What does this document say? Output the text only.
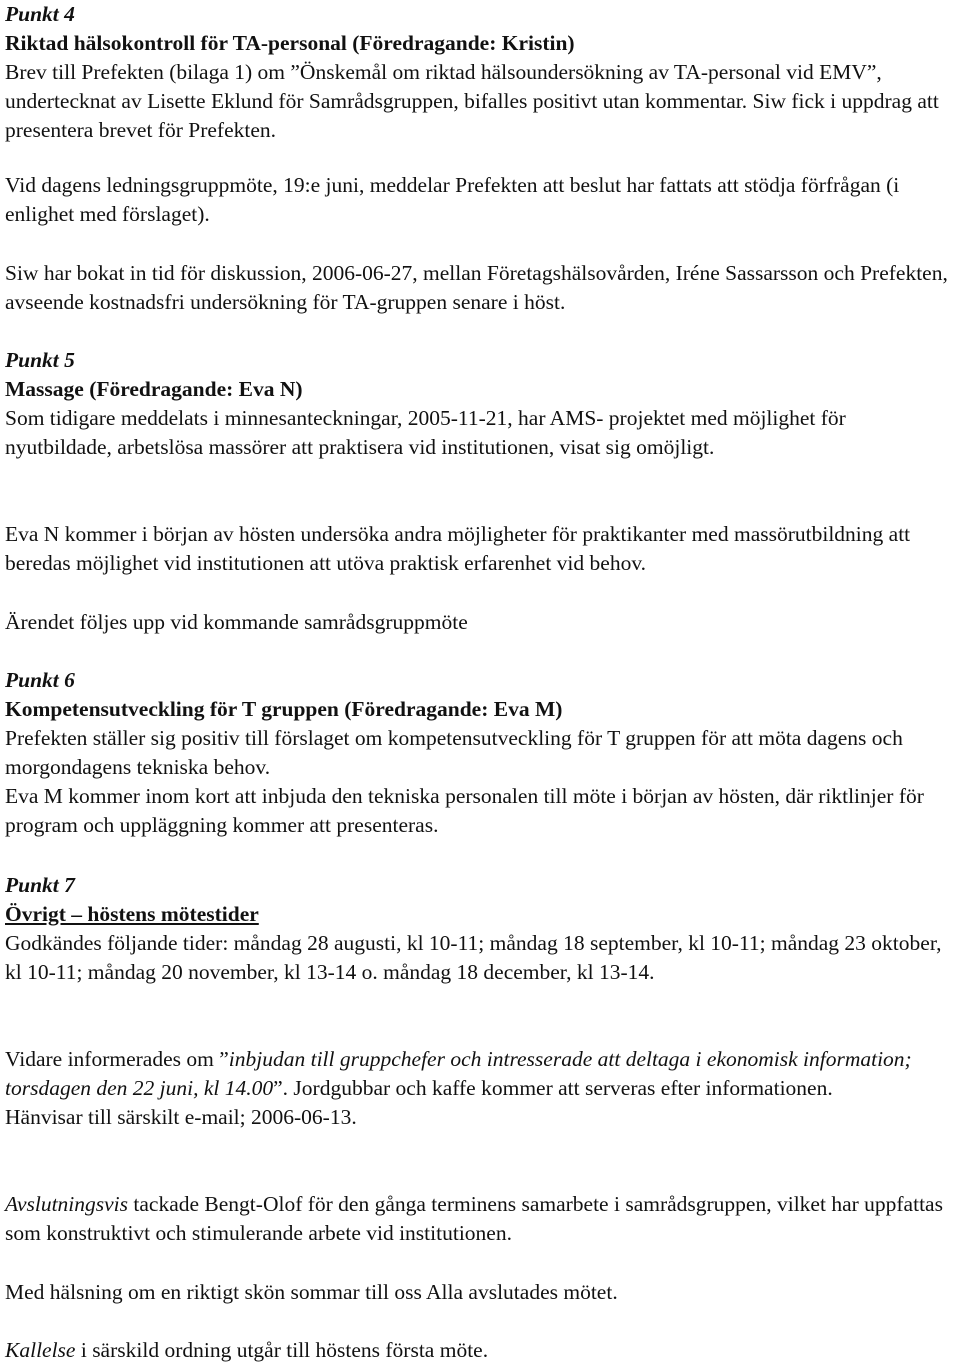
Punkt 4

Riktad hälsokontroll för TA-personal (Föredragande: Kristin)

Brev till Prefekten (bilaga 1) om ”Önskemål om riktad hälsoundersökning av TA-personal vid EMV”, undertecknat av Lisette Eklund för Samrådsgruppen, bifalles positivt utan kommentar. Siw fick i uppdrag att presentera brevet för Prefekten.

Vid dagens ledningsgruppmöte, 19:e juni, meddelar Prefekten att beslut har fattats att stödja förfrågan (i enlighet med förslaget).

Siw har bokat in tid för diskussion, 2006-06-27, mellan Företagshälsovården, Iréne Sassarsson och Prefekten, avseende kostnadsfri undersökning för TA-gruppen senare i höst.

Punkt 5

Massage (Föredragande: Eva N)

Som tidigare meddelats i minnesanteckningar, 2005-11-21, har AMS- projektet med möjlighet för nyutbildade, arbetslösa massörer att praktisera vid institutionen, visat sig omöjligt.

Eva N kommer i början av hösten undersöka andra möjligheter för praktikanter med massörutbildning att beredas möjlighet vid institutionen att utöva praktisk erfarenhet vid behov.

Ärendet följes upp vid kommande samrådsgruppmöte

Punkt 6

Kompetensutveckling för T gruppen (Föredragande: Eva M)

Prefekten ställer sig positiv till förslaget om kompetensutveckling för T gruppen för att möta dagens och morgondagens tekniska behov.

Eva M kommer inom kort att inbjuda den tekniska personalen till möte i början av hösten, där riktlinjer för program och uppläggning kommer att presenteras.

Punkt 7

Övrigt – höstens mötestider

Godkändes följande tider: måndag 28 augusti, kl 10-11; måndag 18 september, kl 10-11; måndag 23 oktober, kl 10-11; måndag 20 november, kl 13-14 o. måndag 18 december, kl 13-14.

Vidare informerades om ”inbjudan till gruppchefer och intresserade att deltaga i ekonomisk information; torsdagen den 22 juni, kl 14.00”. Jordgubbar och kaffe kommer att serveras efter informationen.

Hänvisar till särskilt e-mail; 2006-06-13.

Avslutningsvis tackade Bengt-Olof för den gånga terminens samarbete i samrådsgruppen, vilket har uppfattas som konstruktivt och stimulerande arbete vid institutionen.

Med hälsning om en riktigt skön sommar till oss Alla avslutades mötet.

Kallelse i särskild ordning utgår till höstens första möte.
